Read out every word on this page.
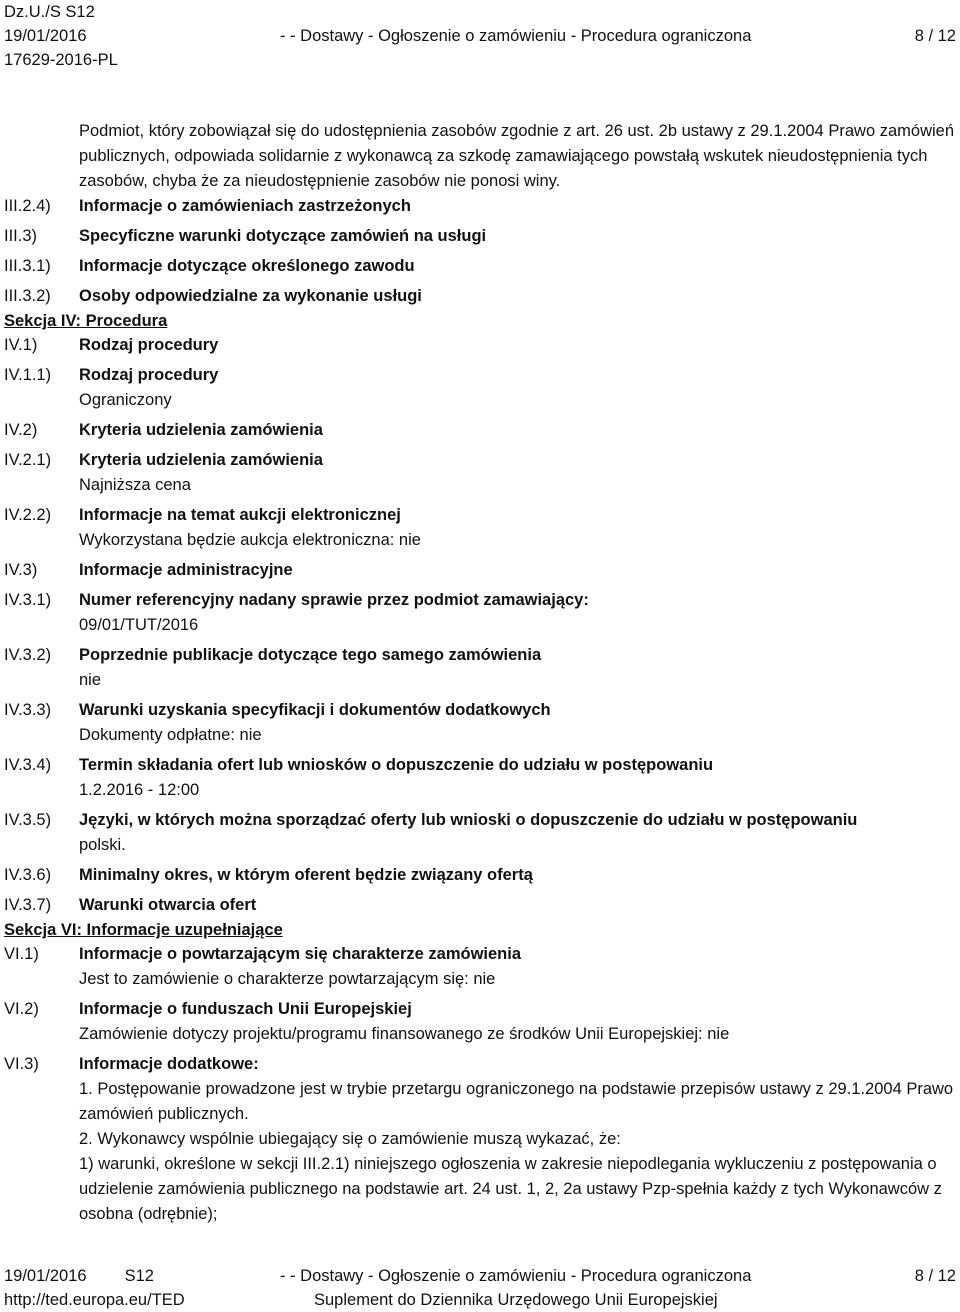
Dz.U./S S12
19/01/2016	- - Dostawy - Ogłoszenie o zamówieniu - Procedura ograniczona	8 / 12
17629-2016-PL
Podmiot, który zobowiązał się do udostępnienia zasobów zgodnie z art. 26 ust. 2b ustawy z 29.1.2004 Prawo zamówień publicznych, odpowiada solidarnie z wykonawcą za szkodę zamawiającego powstałą wskutek nieudostępnienia tych zasobów, chyba że za nieudostępnienie zasobów nie ponosi winy.
III.2.4)	Informacje o zamówieniach zastrzeżonych
III.3)	Specyficzne warunki dotyczące zamówień na usługi
III.3.1)	Informacje dotyczące określonego zawodu
III.3.2)	Osoby odpowiedzialne za wykonanie usługi
Sekcja IV: Procedura
IV.1)	Rodzaj procedury
IV.1.1)	Rodzaj procedury
Ograniczony
IV.2)	Kryteria udzielenia zamówienia
IV.2.1)	Kryteria udzielenia zamówienia
Najniższa cena
IV.2.2)	Informacje na temat aukcji elektronicznej
Wykorzystana będzie aukcja elektroniczna: nie
IV.3)	Informacje administracyjne
IV.3.1)	Numer referencyjny nadany sprawie przez podmiot zamawiający:
09/01/TUT/2016
IV.3.2)	Poprzednie publikacje dotyczące tego samego zamówienia
nie
IV.3.3)	Warunki uzyskania specyfikacji i dokumentów dodatkowych
Dokumenty odpłatne: nie
IV.3.4)	Termin składania ofert lub wniosków o dopuszczenie do udziału w postępowaniu
1.2.2016 - 12:00
IV.3.5)	Języki, w których można sporządzać oferty lub wnioski o dopuszczenie do udziału w postępowaniu
polski.
IV.3.6)	Minimalny okres, w którym oferent będzie związany ofertą
IV.3.7)	Warunki otwarcia ofert
Sekcja VI: Informacje uzupełniające
VI.1)	Informacje o powtarzającym się charakterze zamówienia
Jest to zamówienie o charakterze powtarzającym się: nie
VI.2)	Informacje o funduszach Unii Europejskiej
Zamówienie dotyczy projektu/programu finansowanego ze środków Unii Europejskiej: nie
VI.3)	Informacje dodatkowe:
1. Postępowanie prowadzone jest w trybie przetargu ograniczonego na podstawie przepisów ustawy z 29.1.2004 Prawo zamówień publicznych.
2. Wykonawcy wspólnie ubiegający się o zamówienie muszą wykazać, że:
1) warunki, określone w sekcji III.2.1) niniejszego ogłoszenia w zakresie niepodlegania wykluczeniu z postępowania o udzielenie zamówienia publicznego na podstawie art. 24 ust. 1, 2, 2a ustawy Pzp-spełnia każdy z tych Wykonawców z osobna (odrębnie);
19/01/2016 S12	- - Dostawy - Ogłoszenie o zamówieniu - Procedura ograniczona	8 / 12
http://ted.europa.eu/TED	Suplement do Dziennika Urzędowego Unii Europejskiej
